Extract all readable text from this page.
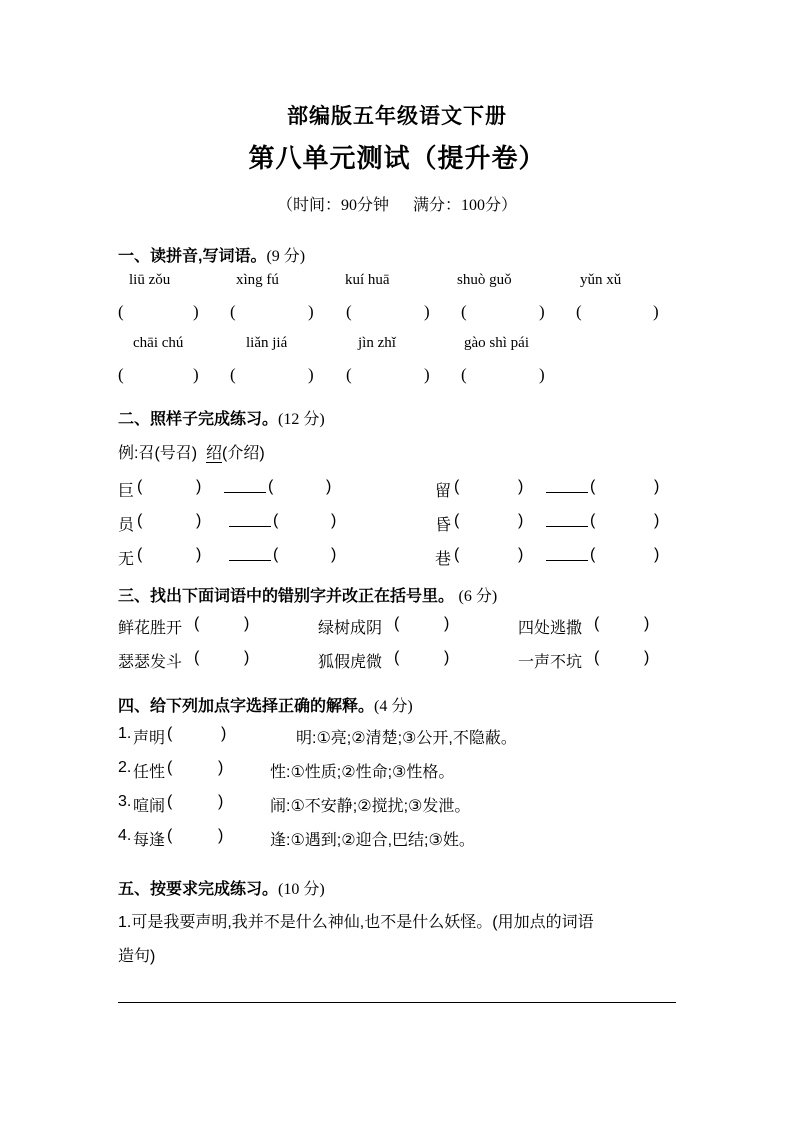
部编版五年级语文下册
第八单元测试（提升卷）
（时间：90分钟 满分：100分）
一、读拼音,写词语。(9 分)
liū zǒu	xìng fú	kuí huā	shuò guǒ	yǔn xǔ
(	) (	) (	) (	) (	)
chāi chú	liǎn jiá	jìn zhǐ	gào shì pái
(	) (	) (	) (	)
二、照样子完成练习。(12 分)
例:召(号召) 绍(介绍)
巨 (	)	(	)	留 (	)	(	)
员 (	)	(	)	昏 (	)	(	)
无 (	)	(	)	巷 (	)	(	)
三、找出下面词语中的错别字并改正在括号里。 (6 分)
鲜花胜开 (	)	绿树成阴 (	)	四处逃撒 (	)
瑟瑟发斗 (	)	狐假虎微 (	)	一声不坑 (	)
四、给下列加点字选择正确的解释。(4 分)
1. 声明 (	)	明:①亮;②清楚;③公开,不隐蔽。
2. 任性 (	)	性:①性质;②性命;③性格。
3. 喧闹 (	)	闹:①不安静;②搅扰;③发泄。
4. 每逢 (	)	逢:①遇到;②迎合,巴结;③姓。
五、按要求完成练习。(10 分)
1.可是我要声明,我并不是什么神仙,也不是什么妖怪。(用加点的词语
造句)
